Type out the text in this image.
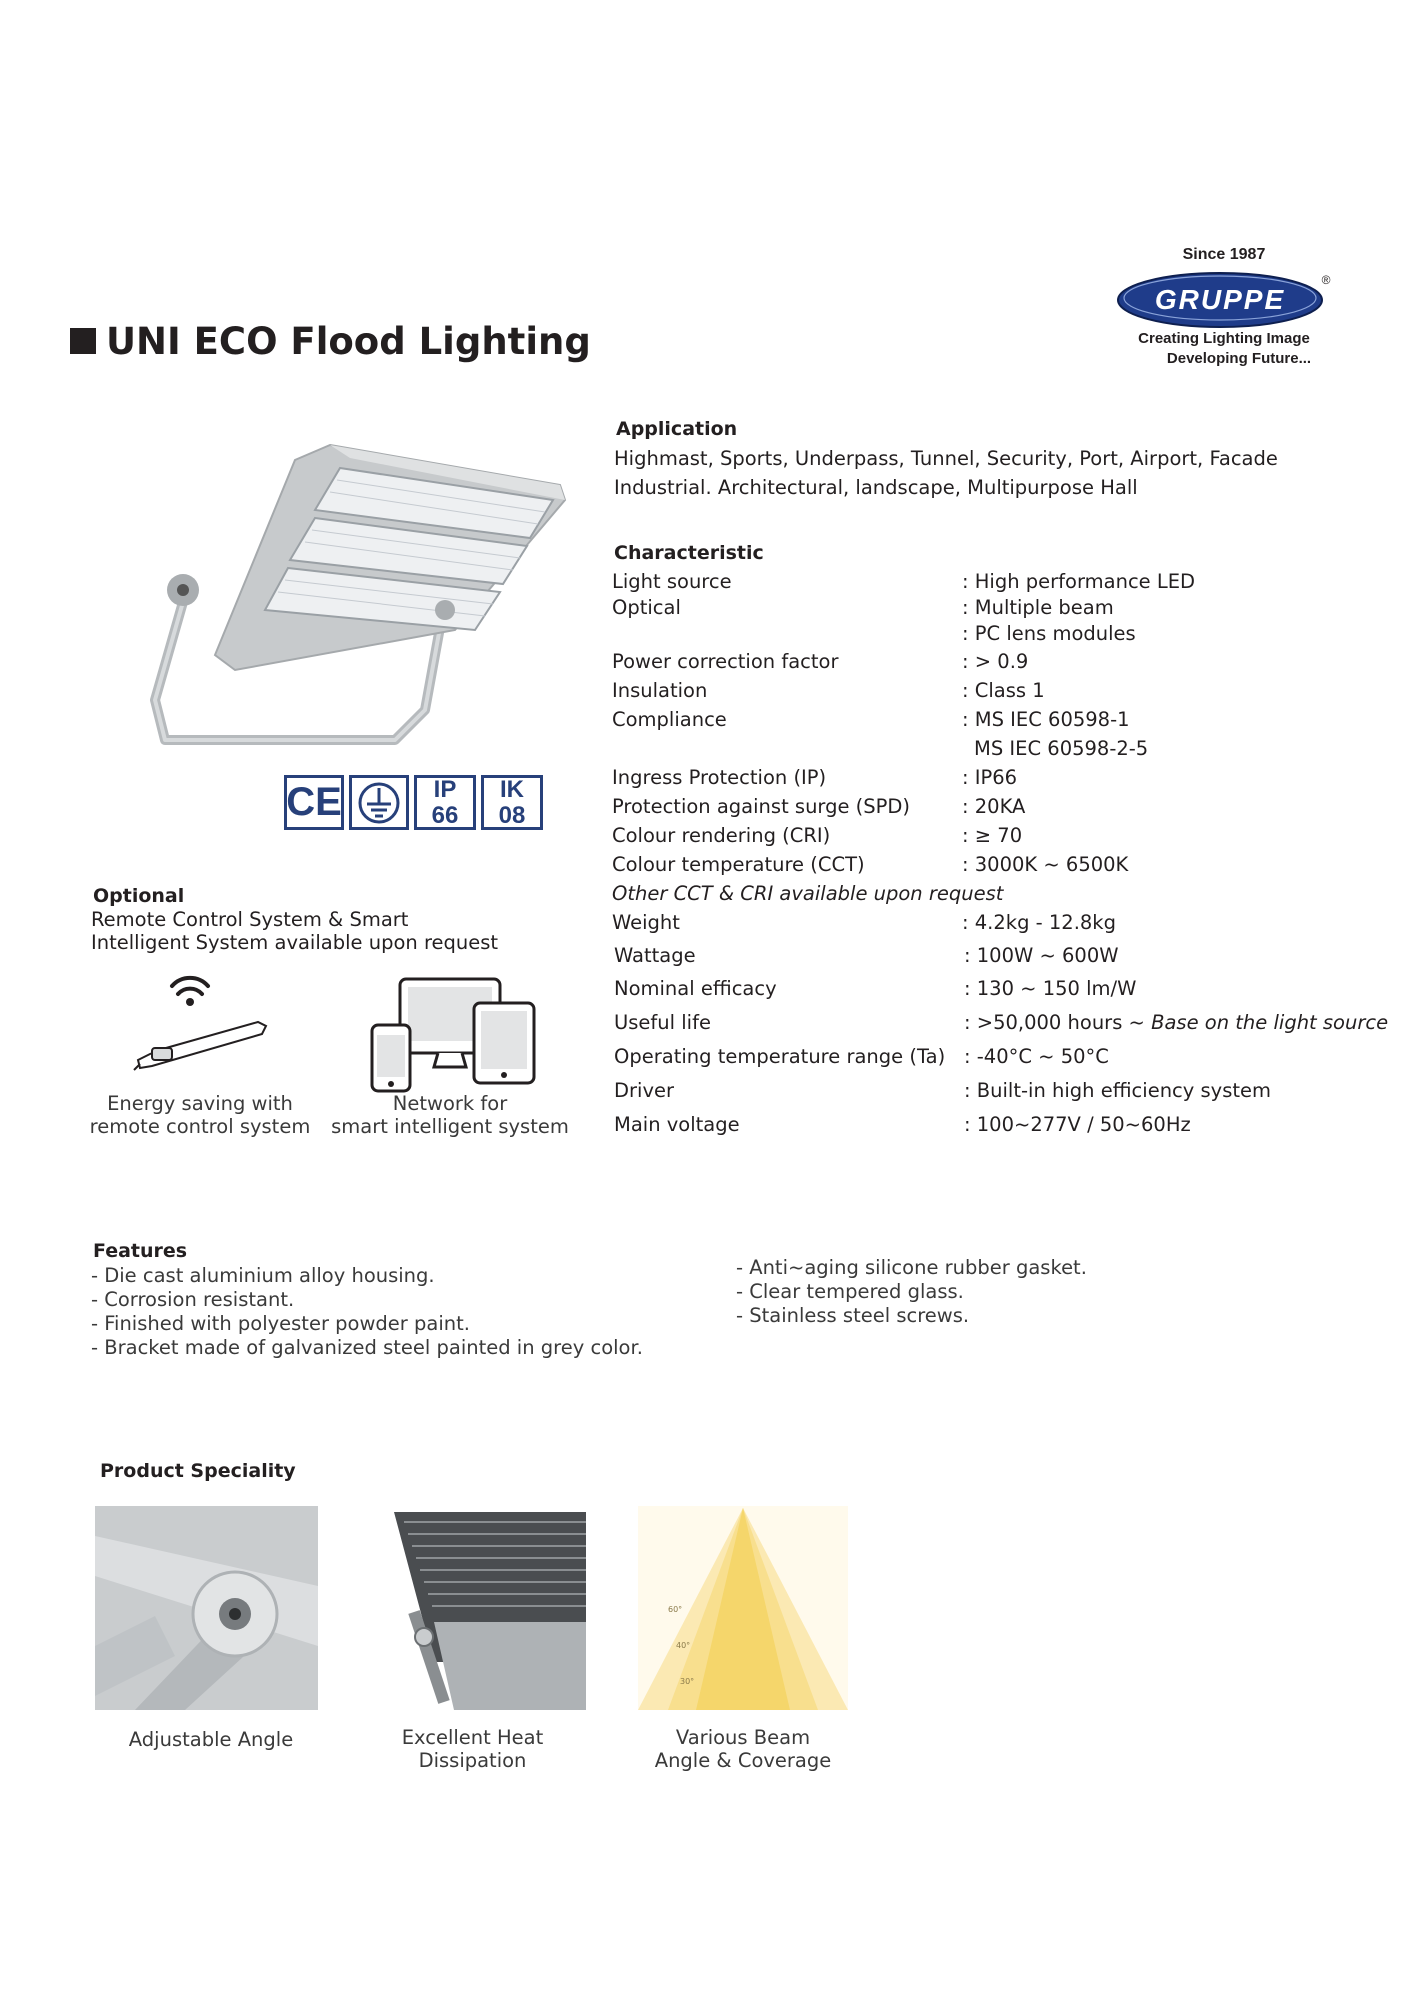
UNI ECO Flood Lighting
Since 1987
GRUPPE
®
Creating Lighting Image
Developing Future...
CE	IP
66
IK
08
Application
Highmast, Sports, Underpass, Tunnel, Security, Port, Airport, Facade
Industrial. Architectural, landscape, Multipurpose Hall
Characteristic
Light source	: High performance LED
Optical	: Multiple beam
: PC lens modules
Power correction factor	: > 0.9
Insulation	: Class 1
Compliance	: MS IEC 60598-1
MS IEC 60598-2-5
Ingress Protection (IP)	: IP66
Protection against surge (SPD)	: 20KA
Colour rendering (CRI)	: ≥ 70
Colour temperature (CCT)	: 3000K ~ 6500K
Other CCT & CRI available upon request
Weight	: 4.2kg - 12.8kg
Wattage	: 100W ~ 600W
Nominal efficacy	: 130 ~ 150 lm/W
Useful life	: >50,000 hours ~ Base on the light source
Operating temperature range (Ta) : -40°C ~ 50°C
Driver	: Built-in high efficiency system
Main voltage	: 100~277V / 50~60Hz
Optional
Remote Control System & Smart
Intelligent System available upon request
Energy saving with
remote control system
Network for
smart intelligent system
Features
- Die cast aluminium alloy housing.
- Corrosion resistant.
- Finished with polyester powder paint.
- Bracket made of galvanized steel painted in grey color.
- Anti~aging silicone rubber gasket.
- Clear tempered glass.
- Stainless steel screws.
Product Speciality
Adjustable Angle	Excellent Heat
Dissipation
60°
40°
30°
Various Beam
Angle & Coverage
